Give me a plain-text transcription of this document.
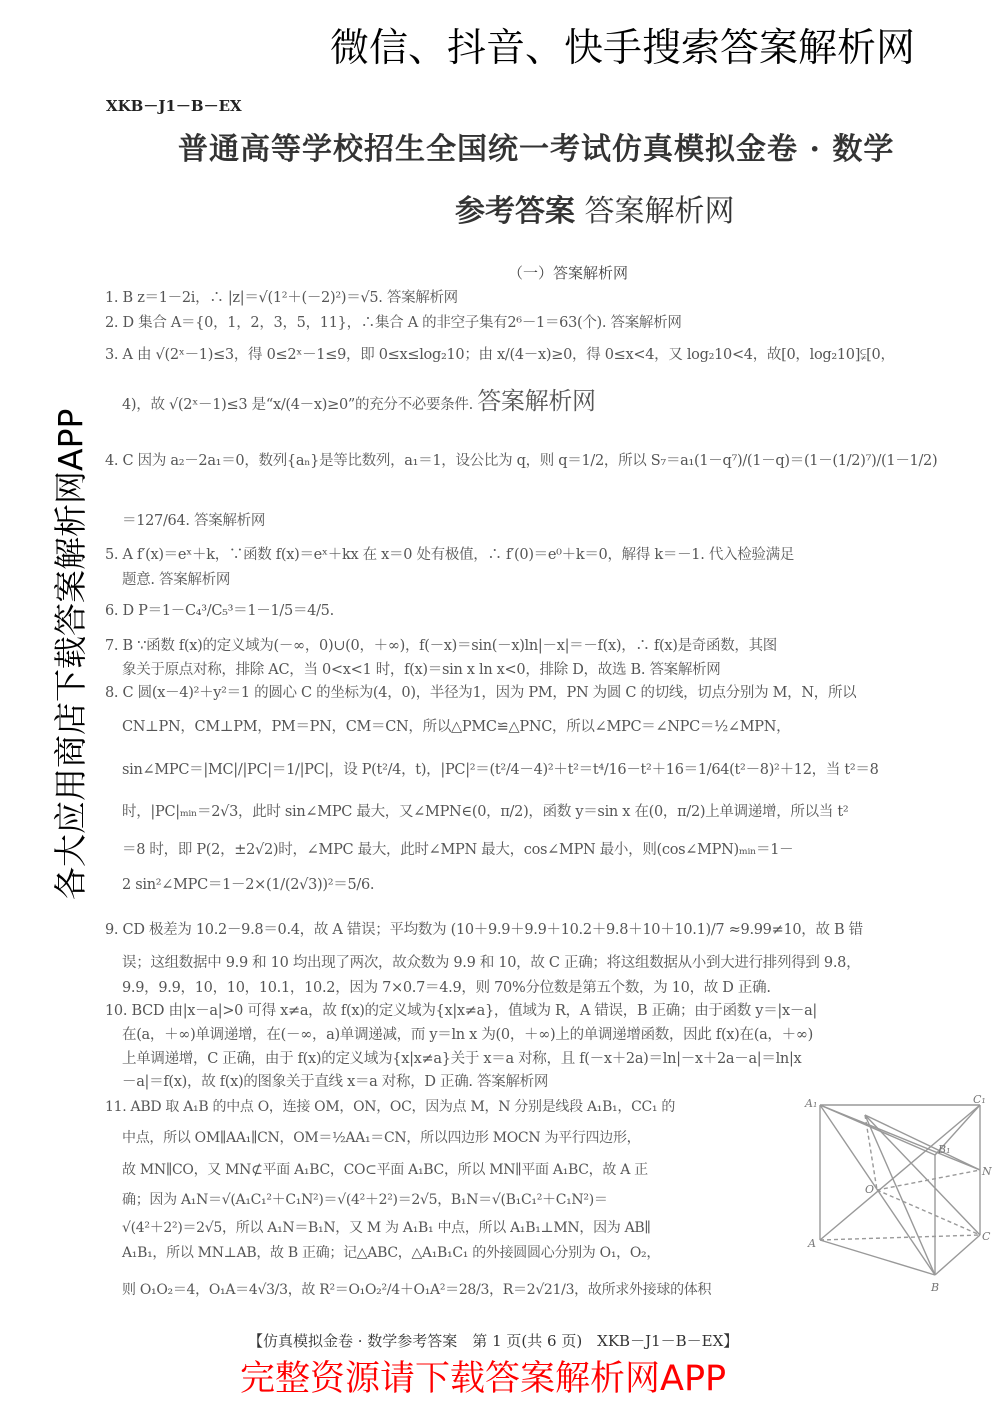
XKB－J1－B－EX
普通高等学校招生全国统一考试仿真模拟金卷 · 数学
参考答案 答案解析网
（一）答案解析网
1. B z＝1－2i，∴ |z|＝√(1²＋(－2)²)＝√5. 答案解析网
2. D 集合 A＝{0，1，2，3，5，11}，∴集合 A 的非空子集有2⁶－1＝63(个). 答案解析网
3. A 由 √(2ˣ－1)≤3，得 0≤2ˣ－1≤9，即 0≤x≤log₂10；由 x/(4－x)≥0，得 0≤x<4，又 log₂10<4，故[0，log₂10]⫋[0，
4)，故 √(2ˣ－1)≤3 是“x/(4－x)≥0”的充分不必要条件. 答案解析网
4. C 因为 a₂－2a₁＝0，数列{aₙ}是等比数列，a₁＝1，设公比为 q，则 q＝1/2，所以 S₇＝a₁(1－q⁷)/(1－q)＝(1－(1/2)⁷)/(1－1/2)
＝127/64. 答案解析网
5. A f′(x)＝eˣ＋k，∵函数 f(x)＝eˣ＋kx 在 x＝0 处有极值，∴ f′(0)＝e⁰＋k＝0，解得 k＝－1. 代入检验满足
题意. 答案解析网
6. D P＝1－C₄³/C₅³＝1－1/5＝4/5.
7. B ∵函数 f(x)的定义域为(－∞，0)∪(0，＋∞)，f(－x)＝sin(－x)ln|－x|＝－f(x)，∴ f(x)是奇函数，其图
象关于原点对称，排除 AC，当 0<x<1 时，f(x)＝sin x ln x<0，排除 D，故选 B. 答案解析网
8. C 圆(x－4)²＋y²＝1 的圆心 C 的坐标为(4，0)，半径为1，因为 PM，PN 为圆 C 的切线，切点分别为 M，N，所以
CN⊥PN，CM⊥PM，PM＝PN，CM＝CN，所以△PMC≌△PNC，所以∠MPC＝∠NPC＝½∠MPN，
sin∠MPC＝|MC|/|PC|＝1/|PC|，设 P(t²/4，t)，|PC|²＝(t²/4－4)²＋t²＝t⁴/16－t²＋16＝1/64(t²－8)²＋12，当 t²＝8
时，|PC|ₘᵢₙ＝2√3，此时 sin∠MPC 最大，又∠MPN∈(0，π/2)，函数 y＝sin x 在(0，π/2)上单调递增，所以当 t²
＝8 时，即 P(2，±2√2)时，∠MPC 最大，此时∠MPN 最大，cos∠MPN 最小，则(cos∠MPN)ₘᵢₙ＝1－
2 sin²∠MPC＝1－2×(1/(2√3))²＝5/6.
9. CD 极差为 10.2－9.8＝0.4，故 A 错误；平均数为 (10＋9.9＋9.9＋10.2＋9.8＋10＋10.1)/7 ≈9.99≠10，故 B 错
误；这组数据中 9.9 和 10 均出现了两次，故众数为 9.9 和 10，故 C 正确；将这组数据从小到大进行排列得到 9.8，
9.9，9.9，10，10，10.1，10.2，因为 7×0.7＝4.9，则 70%分位数是第五个数，为 10，故 D 正确.
10. BCD 由|x－a|>0 可得 x≠a，故 f(x)的定义域为{x|x≠a}，值域为 R，A 错误，B 正确；由于函数 y＝|x－a|
在(a，＋∞)单调递增，在(－∞，a)单调递减，而 y＝ln x 为(0，＋∞)上的单调递增函数，因此 f(x)在(a，＋∞)
上单调递增，C 正确，由于 f(x)的定义域为{x|x≠a}关于 x＝a 对称，且 f(－x＋2a)＝ln|－x＋2a－a|＝ln|x
－a|＝f(x)，故 f(x)的图象关于直线 x＝a 对称，D 正确. 答案解析网
11. ABD 取 A₁B 的中点 O，连接 OM，ON，OC，因为点 M，N 分别是线段 A₁B₁，CC₁ 的
中点，所以 OM∥AA₁∥CN，OM＝½AA₁＝CN，所以四边形 MOCN 为平行四边形，
故 MN∥CO，又 MN⊄平面 A₁BC，CO⊂平面 A₁BC，所以 MN∥平面 A₁BC，故 A 正
确；因为 A₁N＝√(A₁C₁²＋C₁N²)＝√(4²＋2²)＝2√5，B₁N＝√(B₁C₁²＋C₁N²)＝
√(4²＋2²)＝2√5，所以 A₁N＝B₁N，又 M 为 A₁B₁ 中点，所以 A₁B₁⊥MN，因为 AB∥
A₁B₁，所以 MN⊥AB，故 B 正确；记△ABC，△A₁B₁C₁ 的外接圆圆心分别为 O₁，O₂，
则 O₁O₂＝4，O₁A＝4√3/3，故 R²＝O₁O₂²/4＋O₁A²＝28/3，R＝2√21/3，故所求外接球的体积
A₁	C₁
B₁
N
O
A
C
B
【仿真模拟金卷 · 数学参考答案　第 1 页(共 6 页)　XKB－J1－B－EX】
各大应用商店下载答案解析网APP
完整资源请下载答案解析网APP
微信、抖音、快手搜索答案解析网
